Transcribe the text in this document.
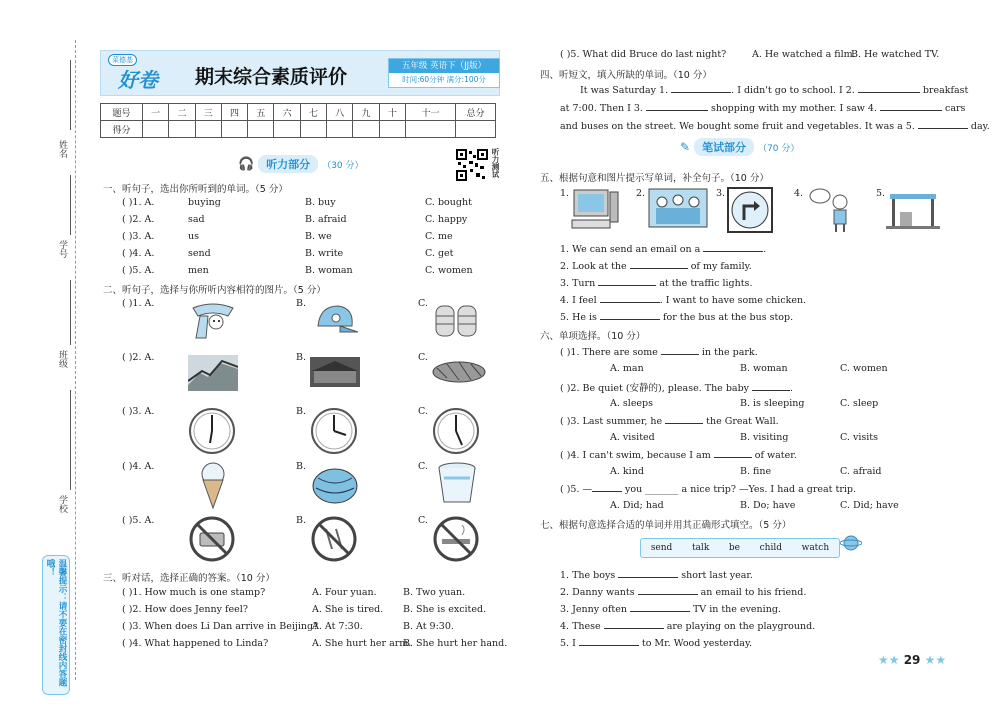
姓名
学号
班级
学校
温馨提示：请不要在密封线内答题哦！
菜德基
好卷 期末综合素质评价	五年级 英语下（JJ版）
时间:60分钟 满分:100分
题号	一	二	三	四	五	六	七	八	九	十	十一	总分
得分												
🎧	听力部分	（30 分）	听力测试
一、听句子，选出你所听到的单词。（5 分）
( )1. A.	buying	B. buy	C. bought
( )2. A.	sad	B. afraid	C. happy
( )3. A.	us	B. we	C. me
( )4. A.	send	B. write	C. get
( )5. A.	men	B. woman	C. women
二、听句子，选择与你所听内容相符的图片。（5 分）
( )1. A.	B.	C.
( )2. A.	B.	C.
( )3. A.	B.	C.
( )4. A.	B.	C.
( )5. A.	B.	C.
三、听对话，选择正确的答案。（10 分）
( )1. How much is one stamp?	A. Four yuan.	B. Two yuan.
( )2. How does Jenny feel?	A. She is tired. B. She is excited.
( )3. When does Li Dan arrive in Beijing?
A. At 7:30.	B. At 9:30.
( )4. What happened to Linda?	A. She hurt her arm.
B. She hurt her hand.
( )5. What did Bruce do last night?	A. He watched a film.
B. He watched TV.
四、听短文，填入所缺的单词。（10 分）
It was Saturday 1.	. I didn't go to school. I 2.	breakfast
at 7:00. Then I 3.	shopping with my mother. I saw 4.	cars
and buses on the street. We bought some fruit and vegetables. It was a 5.	day.
✎	笔试部分	（70 分）
五、根据句意和图片提示写单词，补全句子。（10 分）
1.	2.	3.	4.	5.
1. We can send an email on a	.
2. Look at the	of my family.
3. Turn	at the traffic lights.
4. I feel	. I want to have some chicken.
5. He is	for the bus at the bus stop.
六、单项选择。（10 分）
( )1. There are some	in the park.
A. man	B. woman	C. women
( )2. Be quiet (安静的), please. The baby	.
A. sleeps	B. is sleeping	C. sleep
( )3. Last summer, he	the Great Wall.
A. visited	B. visiting	C. visits
( )4. I can't swim, because I am	of water.
A. kind	B. fine	C. afraid
( )5. —	you _______ a nice trip? —Yes. I had a great trip.
A. Did; had	B. Do; have	C. Did; have
七、根据句意选择合适的单词并用其正确形式填空。（5 分）
send talk be child watch
1. The boys	short last year.
2. Danny wants	an email to his friend.
3. Jenny often	TV in the evening.
4. These	are playing on the playground.
5. I	to Mr. Wood yesterday.
★★ 29 ★★
